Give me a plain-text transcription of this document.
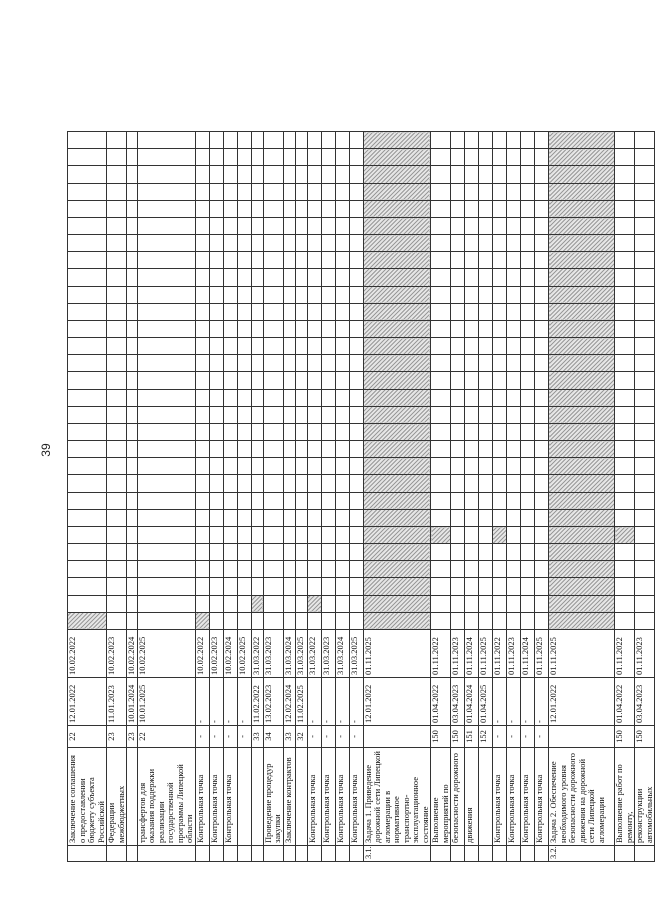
39
	Заключение соглашения о предоставлении бюджету субъекта Российской	22	12.01.2022	10.02.2022																													
	Федерации межбюджетных	23	11.01.2023	10.02.2023																													
		23	10.01.2024	10.02.2024																													
	трансфертов для оказания поддержки реализации государственной программы Липецкой области	22	10.01.2025	10.02.2025																													
	Контрольная точка	-	-	10.02.2022																													
	Контрольная точка	-	-	10.02.2023																													
	Контрольная точка	-	-	10.02.2024																													
		-	-	10.02.2025																													
		33	11.02.2022	31.03.2022																													
	Проведение процедур закупки	34	13.02.2023	31.03.2023																													
	Заключение контрактов	33	12.02.2024	31.03.2024																													
		32	11.02.2025	31.03.2025																													
	Контрольная точка	-	-	31.03.2022																													
	Контрольная точка	-	-	31.03.2023																													
	Контрольная точка	-	-	31.03.2024																													
	Контрольная точка	-	-	31.03.2025																													
3.1.	Задача 1. Приведение дорожной сети Липецкой агломерации в нормативное транспортно-эксплуатационное состояние		12.01.2022	01.11.2025																													
	Выполнение мероприятий по	150	01.04.2022	01.11.2022																													
	безопасности дорожного	150	03.04.2023	01.11.2023																													
	движения	151	01.04.2024	01.11.2024																													
		152	01.04.2025	01.11.2025																													
	Контрольная точка	-	-	01.11.2022																													
	Контрольная точка	-	-	01.11.2023																													
	Контрольная точка	-	-	01.11.2024																													
	Контрольная точка	-	-	01.11.2025																													
3.2.	Задача 2. Обеспечение необходимого уровня безопасности дорожного движения на дорожной сети Липецкой агломерации		12.01.2022	01.11.2025																													
	Выполнение работ по ремонту,	150	01.04.2022	01.11.2022																													
	реконструкции автомобильных	150	03.04.2023	01.11.2023																													
